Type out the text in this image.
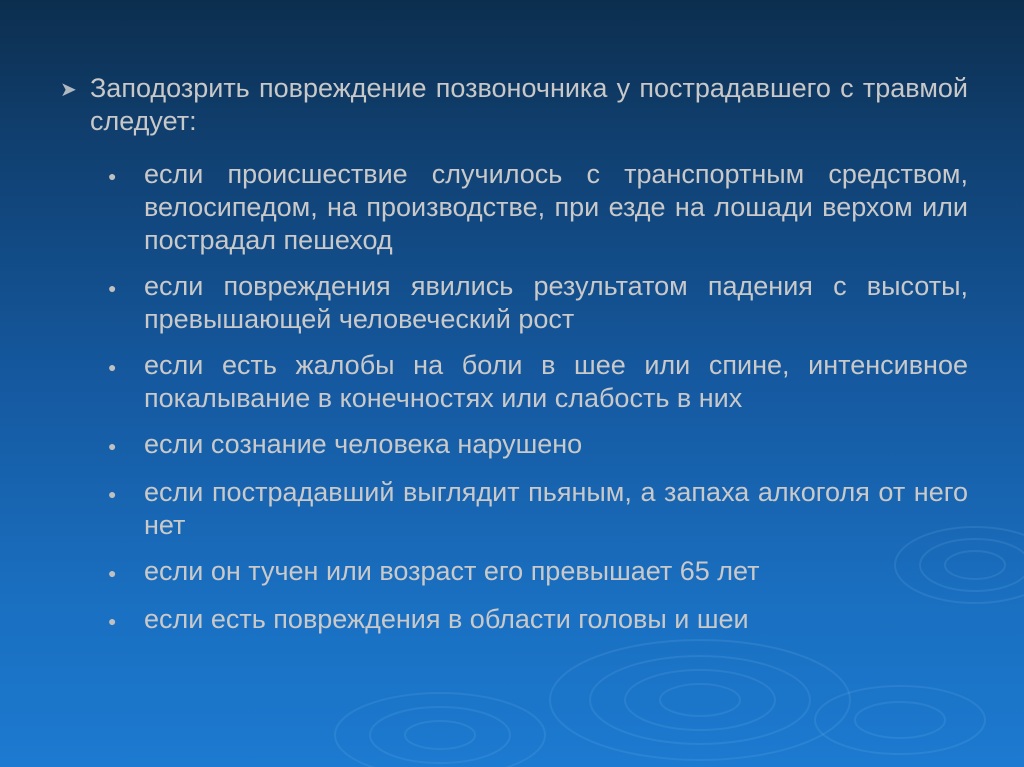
➤ Заподозрить повреждение позвоночника у пострадавшего с травмой следует:
●	если происшествие случилось с транспортным средством, велосипедом, на производстве, при езде на лошади верхом или пострадал пешеход
●	если повреждения явились результатом падения с высоты, превышающей человеческий рост
●	если есть жалобы на боли в шее или спине, интенсивное покалывание в конечностях или слабость в них
●	если сознание человека нарушено
●	если пострадавший выглядит пьяным, а запаха алкоголя от него нет
●	если он тучен или возраст его превышает 65 лет
●	если есть повреждения в области головы и шеи
